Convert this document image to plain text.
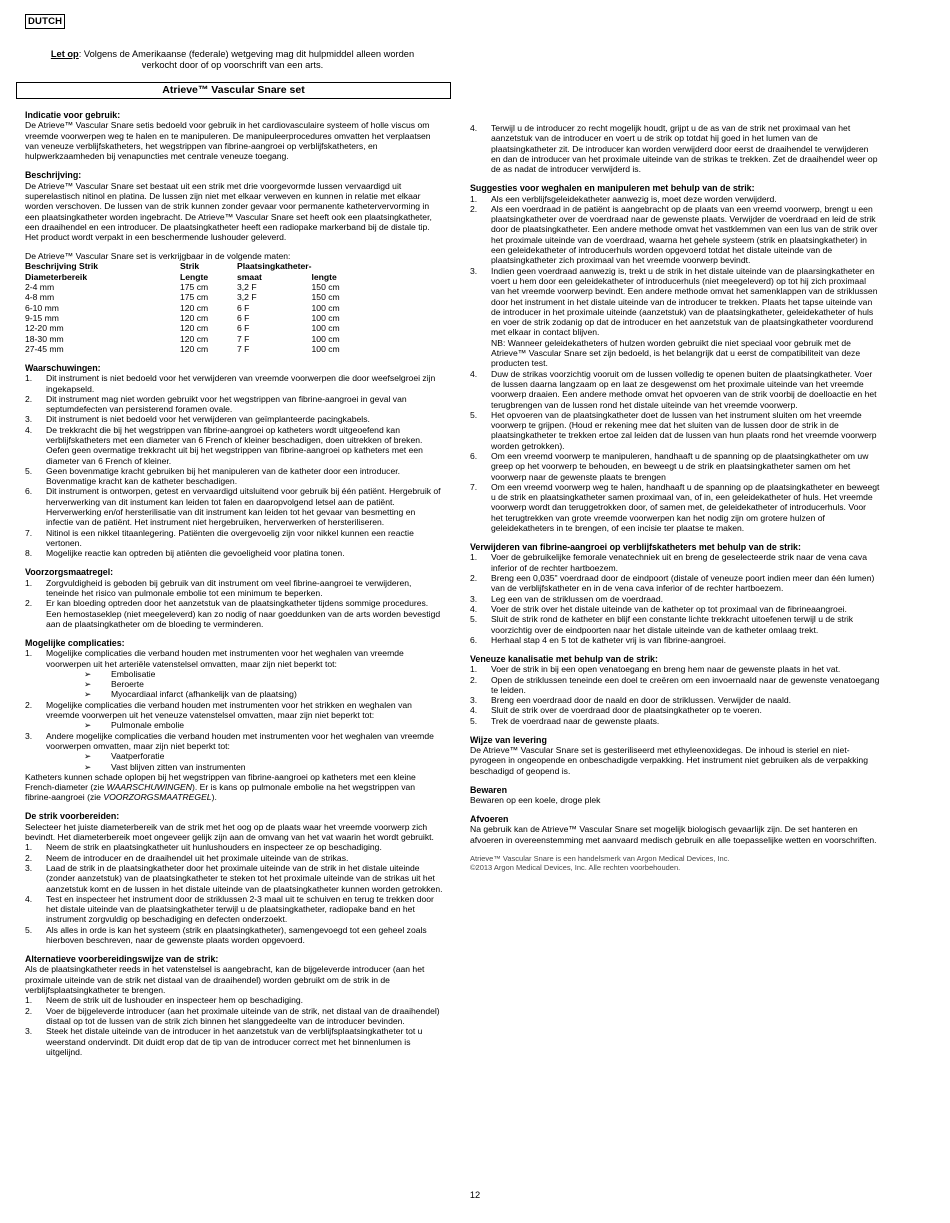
DUTCH
Let op: Volgens de Amerikaanse (federale) wetgeving mag dit hulpmiddel alleen worden verkocht door of op voorschrift van een arts.
Atrieve™ Vascular Snare set
Indicatie voor gebruik:

De Atrieve™ Vascular Snare setis bedoeld voor gebruik in het cardiovasculaire systeem of holle viscus om vreemde voorwerpen weg te halen en te manipuleren. De manipuleerprocedures omvatten het verplaatsen van veneuze verblijfskatheters, het wegstrippen van fibrine-aangroei op verblijfskatheters, en hulpwerkzaamheden bij venapuncties met centrale veneuze toegang.

Beschrijving:

De Atrieve™ Vascular Snare set bestaat uit een strik met drie voorgevormde lussen vervaardigd uit superelastisch nitinol en platina. De lussen zijn niet met elkaar verweven en kunnen in relatie met elkaar worden verschoven. De lussen van de strik kunnen zonder gevaar voor permanente kathetervervorming in een plaatsingkatheter worden ingebracht. De Atrieve™ Vascular Snare set heeft ook een plaatsingkatheter, een draaihendel en een introducer. De plaatsingkatheter heeft een radiopake markerband bij de distale tip. Het product wordt verpakt in een beschermende lushouder geleverd.

De Atrieve™ Vascular Snare set is verkrijgbaar in de volgende maten:

Beschrijving Strik	Strik	Plaatsingkatheter-	
Diameterbereik	Lengte	smaat	lengte
2-4 mm	175 cm	3,2 F	150 cm
4-8 mm	175 cm	3,2 F	150 cm
6-10 mm	120 cm	6 F	100 cm
9-15 mm	120 cm	6 F	100 cm
12-20 mm	120 cm	6 F	100 cm
18-30 mm	120 cm	7 F	100 cm
27-45 mm	120 cm	7 F	100 cm
Waarschuwingen:
1. Dit instrument is niet bedoeld voor het verwijderen van vreemde voorwerpen die door weefselgroei zijn ingekapseld.
2. Dit instrument mag niet worden gebruikt voor het wegstrippen van fibrine-aangroei in geval van septumdefecten van persisterend foramen ovale.
3. Dit instrument is niet bedoeld voor het verwijderen van geïmplanteerde pacingkabels.
4. De trekkracht die bij het wegstrippen van fibrine-aangroei op katheters wordt uitgeoefend kan verblijfskatheters met een diameter van 6 French of kleiner beschadigen, doen uitrekken of breken. Oefen geen overmatige trekkracht uit bij het wegstrippen van fibrine-aangroei op katheters met een diameter van 6 French of kleiner.
5. Geen bovenmatige kracht gebruiken bij het manipuleren van de katheter door een introducer. Bovenmatige kracht kan de katheter beschadigen.
6. Dit instrument is ontworpen, getest en vervaardigd uitsluitend voor gebruik bij één patiënt. Hergebruik of herverwerking van dit instument kan leiden tot falen en daaropvolgend letsel aan de patiënt. Herverwerking en/of hersterilisatie van dit instrument kan leiden tot het gevaar van besmetting en infectie van de patiënt. Het instrument niet hergebruiken, herverwerken of hersteriliseren.
7. Nitinol is een nikkel titaanlegering. Patiënten die overgevoelig zijn voor nikkel kunnen een reactie vertonen.
8. Mogelijke reactie kan optreden bij atiënten die gevoeligheid voor platina tonen.
Voorzorgsmaatregel:
1. Zorgvuldigheid is geboden bij gebruik van dit instrument om veel fibrine-aangroei te verwijderen, teneinde het risico van pulmonale embolie tot een minimum te beperken.
2. Er kan bloeding optreden door het aanzetstuk van de plaatsingkatheter tijdens sommige procedures. Een hemostaseklep (niet meegeleverd) kan zo nodig of naar goeddunken van de arts worden bevestigd aan de plaatsingkatheter om de bloeding te verminderen.
Mogelijke complicaties:
1. Mogelijke complicaties die verband houden met instrumenten voor het weghalen van vreemde voorwerpen uit het arteriële vatenstelsel omvatten, maar zijn niet beperkt tot:
➢ Embolisatie
➢ Beroerte
➢ Myocardiaal infarct (afhankelijk van de plaatsing)
2. Mogelijke complicaties die verband houden met instrumenten voor het strikken en weghalen van vreemde voorwerpen uit het veneuze vatenstelsel omvatten, maar zijn niet beperkt tot:
➢ Pulmonale embolie
3. Andere mogelijke complicaties die verband houden met instrumenten voor het weghalen van vreemde voorwerpen omvatten, maar zijn niet beperkt tot:
➢ Vaatperforatie
➢ Vast blijven zitten van instrumenten

Katheters kunnen schade oplopen bij het wegstrippen van fibrine-aangroei op katheters met een kleine French-diameter (zie WAARSCHUWINGEN). Er is kans op pulmonale embolie na het wegstrippen van fibrine-aangroei (zie VOORZORGSMAATREGEL).

De strik voorbereiden:

Selecteer het juiste diameterbereik van de strik met het oog op de plaats waar het vreemde voorwerp zich bevindt. Het diameterbereik moet ongeveer gelijk zijn aan de omvang van het vat waarin het wordt gebruikt.

1. Neem de strik en plaatsingkatheter uit hunlushouders en inspecteer ze op beschadiging.
2. Neem de introducer en de draaihendel uit het proximale uiteinde van de strikas.
3. Laad de strik in de plaatsingkatheter door het proximale uiteinde van de strik in het distale uiteinde (zonder aanzetstuk) van de plaatsingkatheter te steken tot het proximale uiteinde van de strikas uit het aanzetstuk komt en de lussen in het distale uiteinde van de plaatsingkatheter kunnen worden getrokken.
4. Test en inspecteer het instrument door de striklussen 2-3 maal uit te schuiven en terug te trekken door het distale uiteinde van de plaatsingkatheter terwijl u de plaatsingkatheter, radiopake band en het instrument zorgvuldig op beschadiging en defecten onderzoekt.
5. Als alles in orde is kan het systeem (strik en plaatsingkatheter), samengevoegd tot een geheel zoals hierboven beschreven, naar de gewenste plaats worden opgevoerd.
Alternatieve voorbereidingswijze van de strik:

Als de plaatsingkatheter reeds in het vatenstelsel is aangebracht, kan de bijgeleverde introducer (aan het proximale uiteinde van de strik net distaal van de draaihendel) worden gebruikt om de strik in de verblijfsplaatsingkatheter te brengen.

1. Neem de strik uit de lushouder en inspecteer hem op beschadiging.
2. Voer de bijgeleverde introducer (aan het proximale uiteinde van de strik, net distaal van de draaihendel) distaal op tot de lussen van de strik zich binnen het slanggedeelte van de introducer bevinden.
3. Steek het distale uiteinde van de introducer in het aanzetstuk van de verblijfsplaatsingkatheter tot u weerstand ondervindt. Dit duidt erop dat de tip van de introducer correct met het binnenlumen is uitgelijnd.
4. Terwijl u de introducer zo recht mogelijk houdt, grijpt u de as van de strik net proximaal van het aanzetstuk van de introducer en voert u de strik op totdat hij goed in het lumen van de plaatsingkatheter zit. De introducer kan worden verwijderd door eerst de draaihendel te verwijderen en dan de introducer van het proximale uiteinde van de strikas te trekken. Zet de draaihendel weer op de as nadat de introducer verwijderd is.
Suggesties voor weghalen en manipuleren met behulp van de strik:
1. Als een verblijfsgeleidekatheter aanwezig is, moet deze worden verwijderd.
2. Als een voerdraad in de patiënt is aangebracht op de plaats van een vreemd voorwerp, brengt u een plaatsingkatheter over de voerdraad naar de gewenste plaats. Verwijder de voerdraad en leid de strik door de plaatsingkatheter. Een andere methode omvat het vastklemmen van een lus van de strik over het proximale uiteinde van de voerdraad, waarna het gehele systeem (strik en plaatsingkatheter) in een geleidekatheter of introducerhuls worden opgevoerd totdat het distale uiteinde van de plaatsingkatheter zich proximaal van het vreemde voorwerp bevindt.
3. Indien geen voerdraad aanwezig is, trekt u de strik in het distale uiteinde van de plaarsingkatheter en voert u hem door een geleidekatheter of introducerhuls (niet meegeleverd) op tot hij zich proximaal van het vreemde voorwerp bevindt. Een andere methode omvat het samenklappen van de striklussen door het instrument in het distale uiteinde van de introducer te trekken. Plaats het tapse uiteinde van de introducer in het proximale uiteinde (aanzetstuk) van de plaatsingkatheter, geleidekatheter of huls en voer de strik zodanig op dat de introducer en het aanzetstuk van de plaatsingkatheter voordurend met elkaar in contact blijven.
NB: Wanneer geleidekatheters of hulzen worden gebruikt die niet speciaal voor gebruik met de Atrieve™ Vascular Snare set zijn bedoeld, is het belangrijk dat u eerst de compatibiliteit van deze producten test.
4. Duw de strikas voorzichtig vooruit om de lussen volledig te openen buiten de plaatsingkatheter. Voer de lussen daarna langzaam op en laat ze desgewenst om het proximale uiteinde van het vreemde voorwerp draaien. Een andere methode omvat het opvoeren van de strik voorbij de doelloactie en het terugbrengen van de lussen rond het distale uiteinde van het vreemde voorwerp.
5. Het opvoeren van de plaatsingkatheter doet de lussen van het instrument sluiten om het vreemde voorwerp te grijpen. (Houd er rekening mee dat het sluiten van de lussen door de strik in de plaatsingkatheter te trekken ertoe zal leiden dat de lussen van hun plaats rond het vreemde voorwerp worden getrokken).
6. Om een vreemd voorwerp te manipuleren, handhaaft u de spanning op de plaatsingkatheter om uw greep op het voorwerp te behouden, en beweegt u de strik en plaatsingkatheter samen om het voorwerp naar de gewenste plaats te brengen
7. Om een vreemd voorwerp weg te halen, handhaaft u de spanning op de plaatsingkatheter en beweegt u de strik en plaatsingkatheter samen proximaal van, of in, een geleidekatheter of huls. Het vreemde voorwerp wordt dan teruggetrokken door, of samen met, de geleidekatheter of introducerhuls. Voor het terugtrekken van grote vreemde voorwerpen kan het nodig zijn om grotere hulzen of geleidekatheters in te brengen, of een incisie ter plaatse te maken.
Verwijderen van fibrine-aangroei op verblijfskatheters met behulp van de strik:
1. Voer de gebruikelijke femorale venatechniek uit en breng de geselecteerde strik naar de vena cava inferior of de rechter hartboezem.
2. Breng een 0,035" voerdraad door de eindpoort (distale of veneuze poort indien meer dan één lumen) van de verblijfskatheter en in de vena cava inferior of de rechter hartboezem.
3. Leg een van de striklussen om de voerdraad.
4. Voer de strik over het distale uiteinde van de katheter op tot proximaal van de fibrineaangroei.
5. Sluit de strik rond de katheter en blijf een constante lichte trekkracht uitoefenen terwijl u de strik voorzichtig over de eindpoorten naar het distale uiteinde van de katheter omlaag trekt.
6. Herhaal stap 4 en 5 tot de katheter vrij is van fibrine-aangroei.
Veneuze kanalisatie met behulp van de strik:
1. Voer de strik in bij een open venatoegang en breng hem naar de gewenste plaats in het vat.
2. Open de striklussen teneinde een doel te creëren om een invoernaald naar de gewenste venatoegang te leiden.
3. Breng een voerdraad door de naald en door de striklussen. Verwijder de naald.
4. Sluit de strik over de voerdraad door de plaatsingkatheter op te voeren.
5. Trek de voerdraad naar de gewenste plaats.
Wijze van levering

De Atrieve™ Vascular Snare set is gesteriliseerd met ethyleenoxidegas. De inhoud is steriel en niet-pyrogeen in ongeopende en onbeschadigde verpakking. Het instrument niet gebruiken als de verpakking beschadigd of geopend is.

Bewaren

Bewaren op een koele, droge plek

Afvoeren

Na gebruik kan de Atrieve™ Vascular Snare set mogelijk biologisch gevaarlijk zijn. De set hanteren en afvoeren in overeenstemming met aanvaard medisch gebruik en alle toepasselijke wetten en voorschriften.

Atrieve™ Vascular Snare is een handelsmerk van Argon Medical Devices, Inc.
©2013 Argon Medical Devices, Inc. Alle rechten voorbehouden.
12
